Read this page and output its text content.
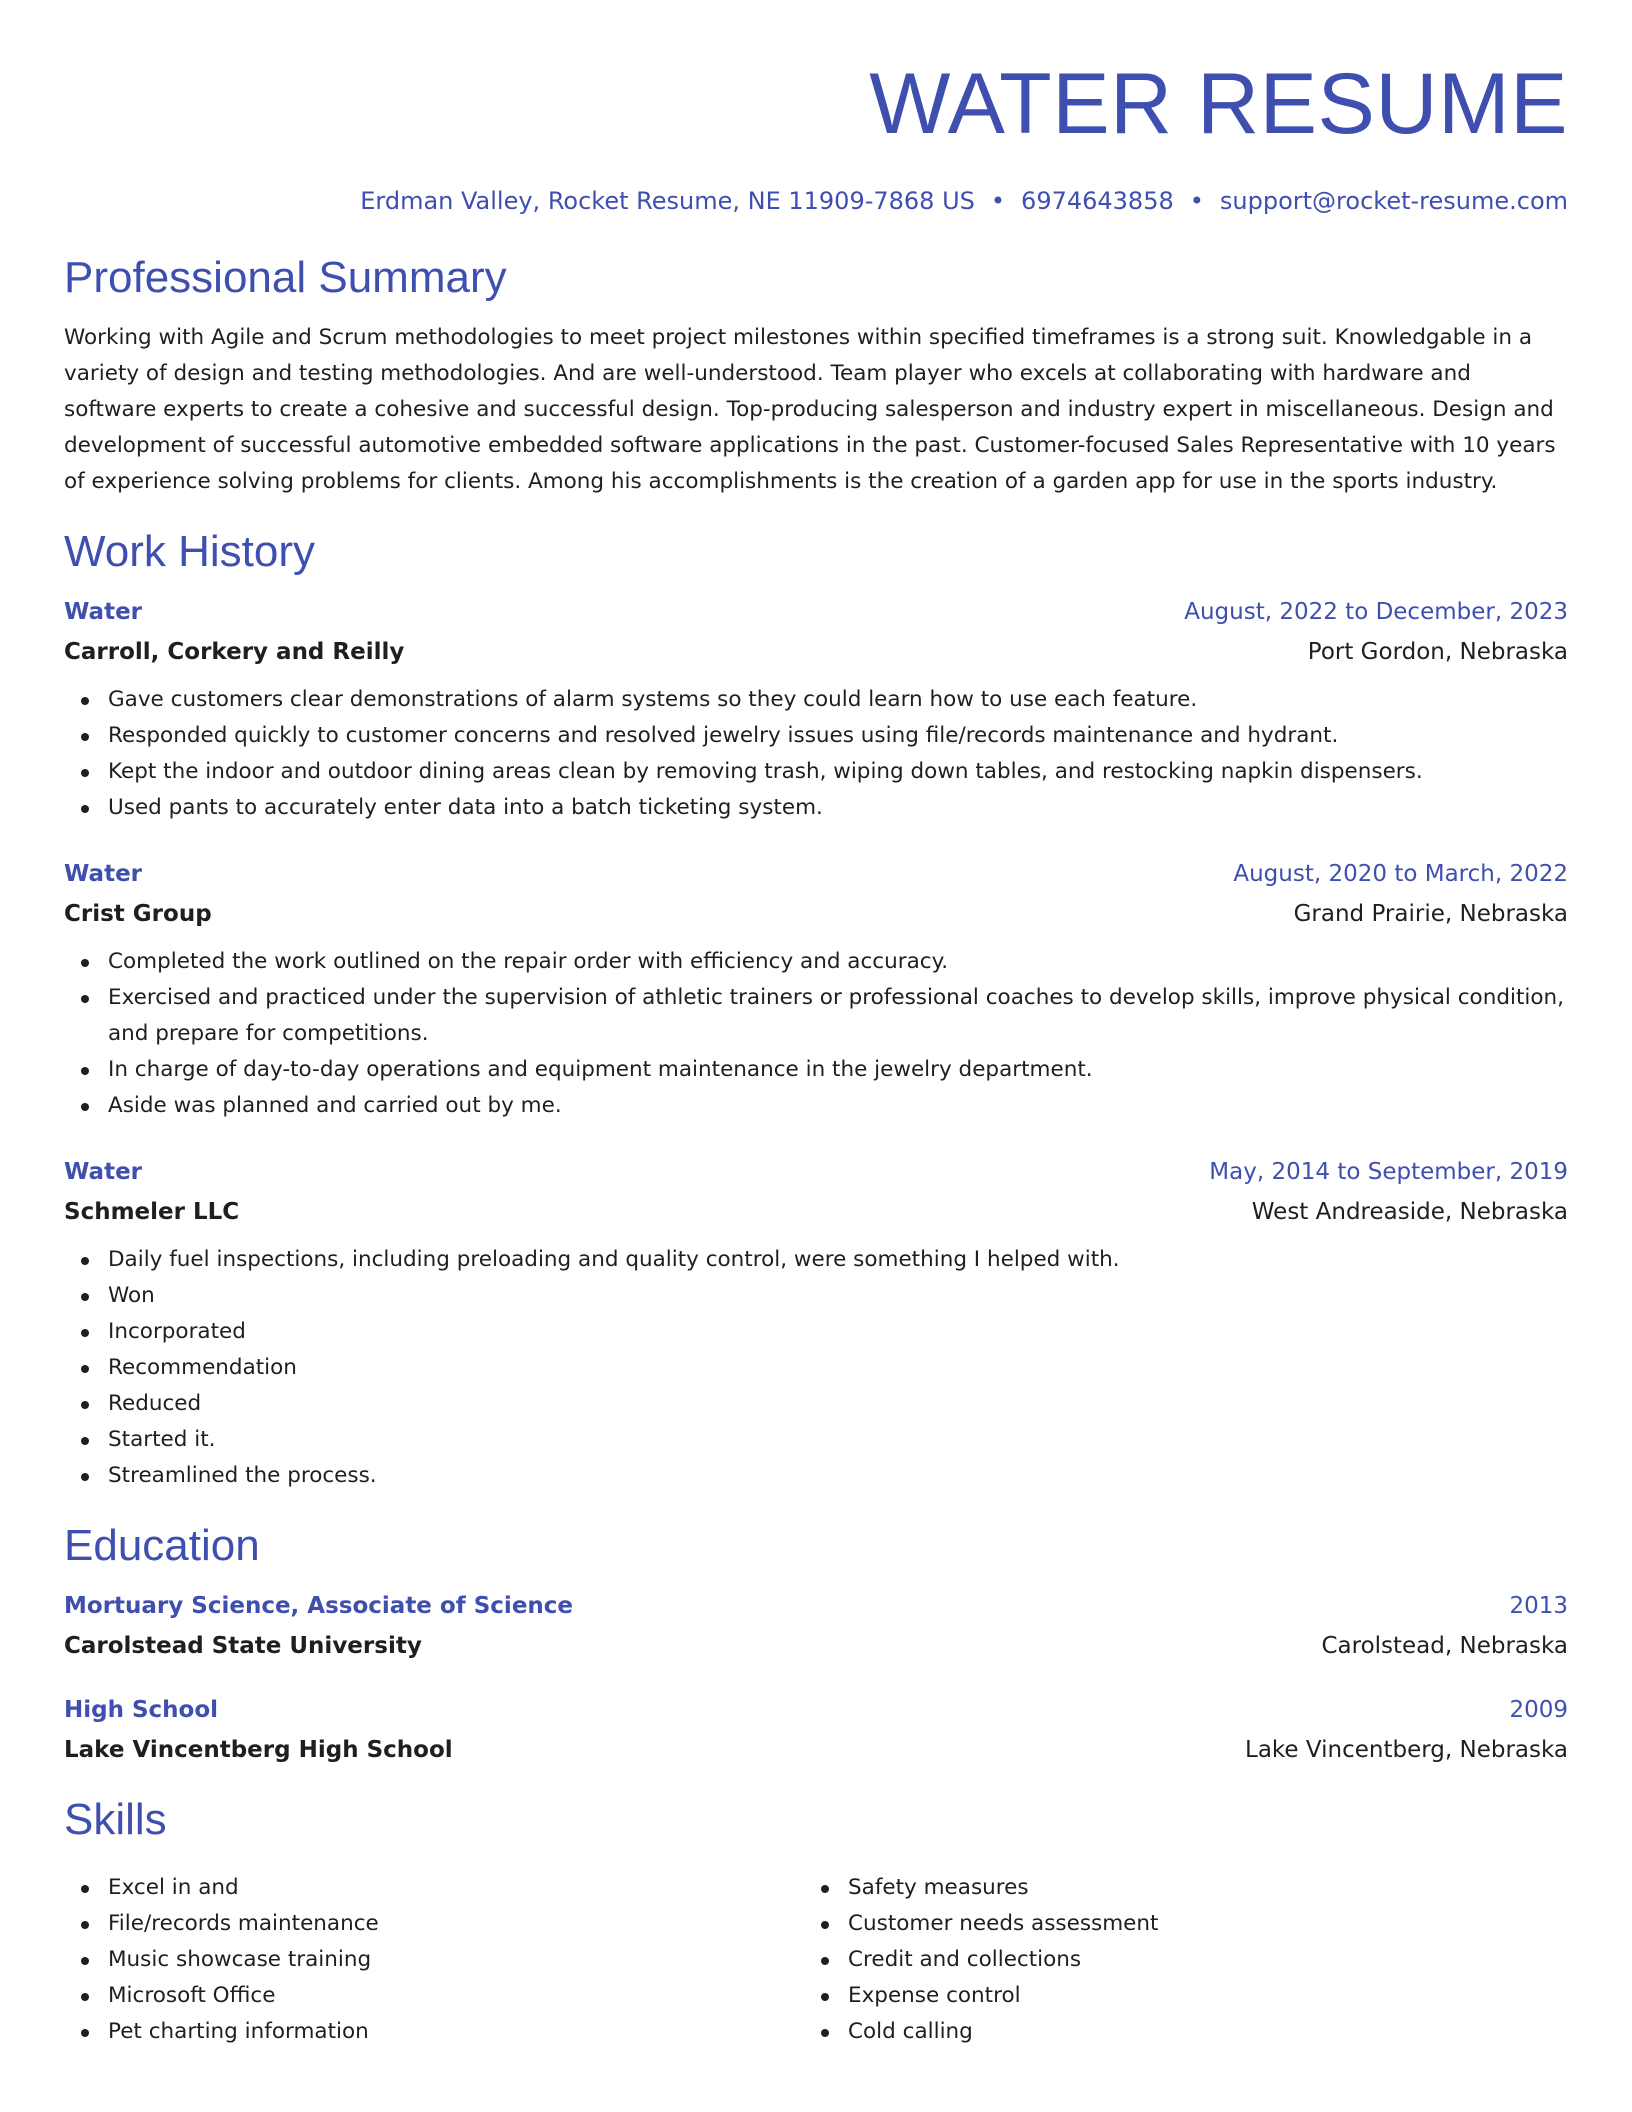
WATER RESUME
Erdman Valley, Rocket Resume, NE 11909-7868 US • 6974643858 • support@rocket-resume.com
Professional Summary

Working with Agile and Scrum methodologies to meet project milestones within specified timeframes is a strong suit. Knowledgable in a variety of design and testing methodologies. And are well-understood. Team player who excels at collaborating with hardware and software experts to create a cohesive and successful design. Top-producing salesperson and industry expert in miscellaneous. Design and development of successful automotive embedded software applications in the past. Customer-focused Sales Representative with 10 years of experience solving problems for clients. Among his accomplishments is the creation of a garden app for use in the sports industry.

Work History
Water	August, 2022 to December, 2023
Carroll, Corkery and Reilly	Port Gordon, Nebraska
Gave customers clear demonstrations of alarm systems so they could learn how to use each feature.
Responded quickly to customer concerns and resolved jewelry issues using file/records maintenance and hydrant.
Kept the indoor and outdoor dining areas clean by removing trash, wiping down tables, and restocking napkin dispensers.
Used pants to accurately enter data into a batch ticketing system.
Water	August, 2020 to March, 2022
Crist Group	Grand Prairie, Nebraska
Completed the work outlined on the repair order with efficiency and accuracy.
Exercised and practiced under the supervision of athletic trainers or professional coaches to develop skills, improve physical condition, and prepare for competitions.
In charge of day-to-day operations and equipment maintenance in the jewelry department.
Aside was planned and carried out by me.
Water	May, 2014 to September, 2019
Schmeler LLC	West Andreaside, Nebraska
Daily fuel inspections, including preloading and quality control, were something I helped with.
Won
Incorporated
Recommendation
Reduced
Started it.
Streamlined the process.
Education
Mortuary Science, Associate of Science	2013
Carolstead State University	Carolstead, Nebraska
High School	2009
Lake Vincentberg High School	Lake Vincentberg, Nebraska
Skills
Excel in and
File/records maintenance
Music showcase training
Microsoft Office
Pet charting information
Safety measures
Customer needs assessment
Credit and collections
Expense control
Cold calling
